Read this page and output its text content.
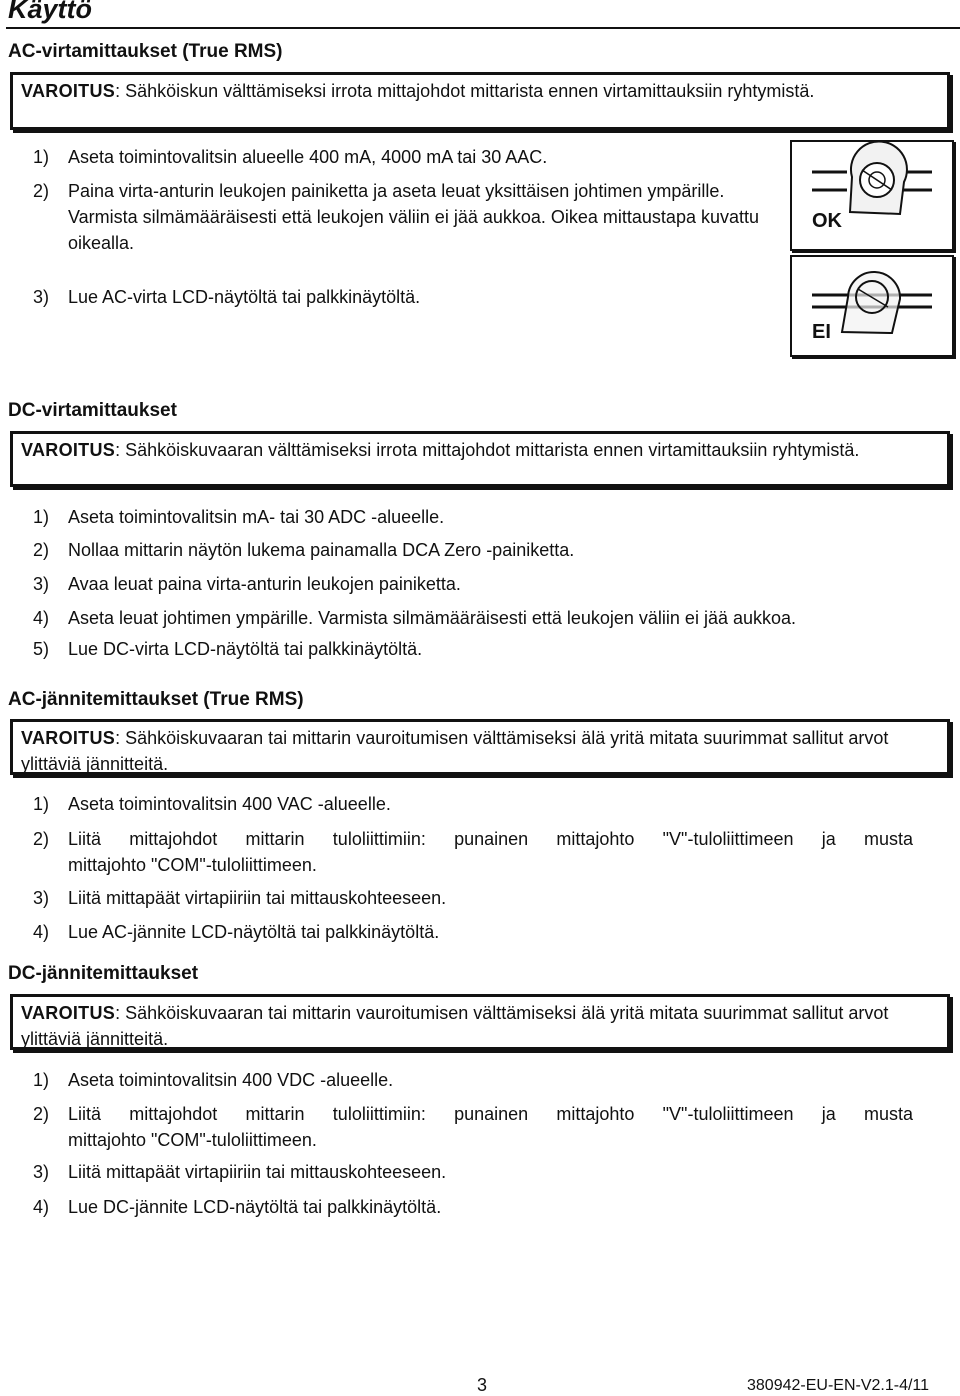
Käyttö
AC-virtamittaukset (True RMS)
VAROITUS: Sähköiskun välttämiseksi irrota mittajohdot mittarista ennen virtamittauksiin ryhtymistä.
1) Aseta toimintovalitsin alueelle 400 mA, 4000 mA tai 30 AAC.
2) Paina virta-anturin leukojen painiketta ja aseta leuat yksittäisen johtimen ympärille.
Varmista silmämääräisesti että leukojen väliin ei jää aukkoa. Oikea mittaustapa kuvattu oikealla.
3) Lue AC-virta LCD-näytöltä tai palkkinäytöltä.
OK
EI
DC-virtamittaukset
VAROITUS: Sähköiskuvaaran välttämiseksi irrota mittajohdot mittarista ennen virtamittauksiin ryhtymistä.
1) Aseta toimintovalitsin mA- tai 30 ADC -alueelle.
2) Nollaa mittarin näytön lukema painamalla DCA Zero -painiketta.
3) Avaa leuat paina virta-anturin leukojen painiketta.
4) Aseta leuat johtimen ympärille. Varmista silmämääräisesti että leukojen väliin ei jää aukkoa.
5) Lue DC-virta LCD-näytöltä tai palkkinäytöltä.
AC-jännitemittaukset (True RMS)
VAROITUS: Sähköiskuvaaran tai mittarin vauroitumisen välttämiseksi älä yritä mitata suurimmat sallitut arvot ylittäviä jännitteitä.
1) Aseta toimintovalitsin 400 VAC -alueelle.
2) Liitä mittajohdot mittarin tuloliittimiin: punainen mittajohto "V"-tuloliittimeen ja musta
mittajohto "COM"-tuloliittimeen.
3) Liitä mittapäät virtapiiriin tai mittauskohteeseen.
4) Lue AC-jännite LCD-näytöltä tai palkkinäytöltä.
DC-jännitemittaukset
VAROITUS: Sähköiskuvaaran tai mittarin vauroitumisen välttämiseksi älä yritä mitata suurimmat sallitut arvot ylittäviä jännitteitä.
1) Aseta toimintovalitsin 400 VDC -alueelle.
2) Liitä mittajohdot mittarin tuloliittimiin: punainen mittajohto "V"-tuloliittimeen ja musta
mittajohto "COM"-tuloliittimeen.
3) Liitä mittapäät virtapiiriin tai mittauskohteeseen.
4) Lue DC-jännite LCD-näytöltä tai palkkinäytöltä.
3	380942-EU-EN-V2.1-4/11
